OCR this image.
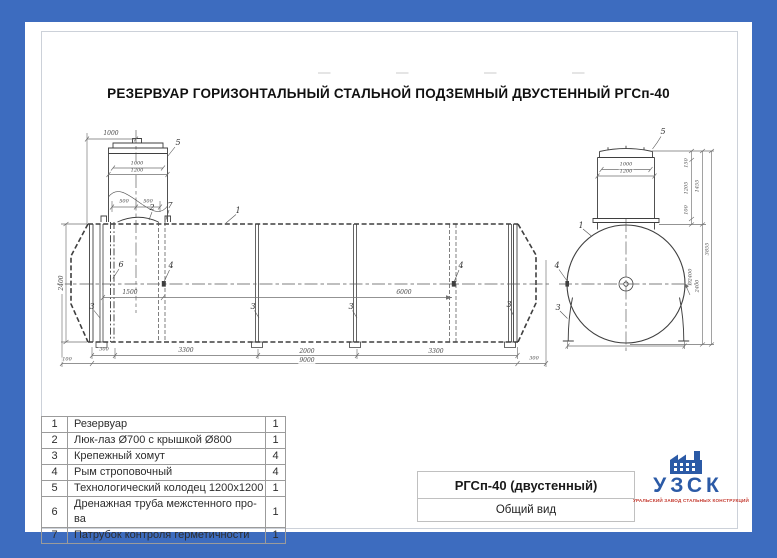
РЕЗЕРВУАР ГОРИЗОНТАЛЬНЫЙ СТАЛЬНОЙ ПОДЗЕМНЫЙ ДВУСТЕННЫЙ РГСп-40
1000
1000
1200
500	500
2400
1500	6000
300	3300	2000	3300
100	9000	300
1000
1200
150
1205
100
1455
Ø2400
2400
3855
5
2 7
1
6	4	4
3	3	3	3
1
4
3
5
1	Резервуар	1
2	Люк-лаз Ø700 с крышкой Ø800	1
3	Крепежный хомут	4
4	Рым строповочный	4
5	Технологический колодец 1200х1200	1
6	Дренажная труба межстенного про-ва	1
7	Патрубок контроля герметичности	1
РГСп-40 (двустенный)
Общий вид
УЗСК
УРАЛЬСКИЙ ЗАВОД СТАЛЬНЫХ КОНСТРУКЦИЙ
